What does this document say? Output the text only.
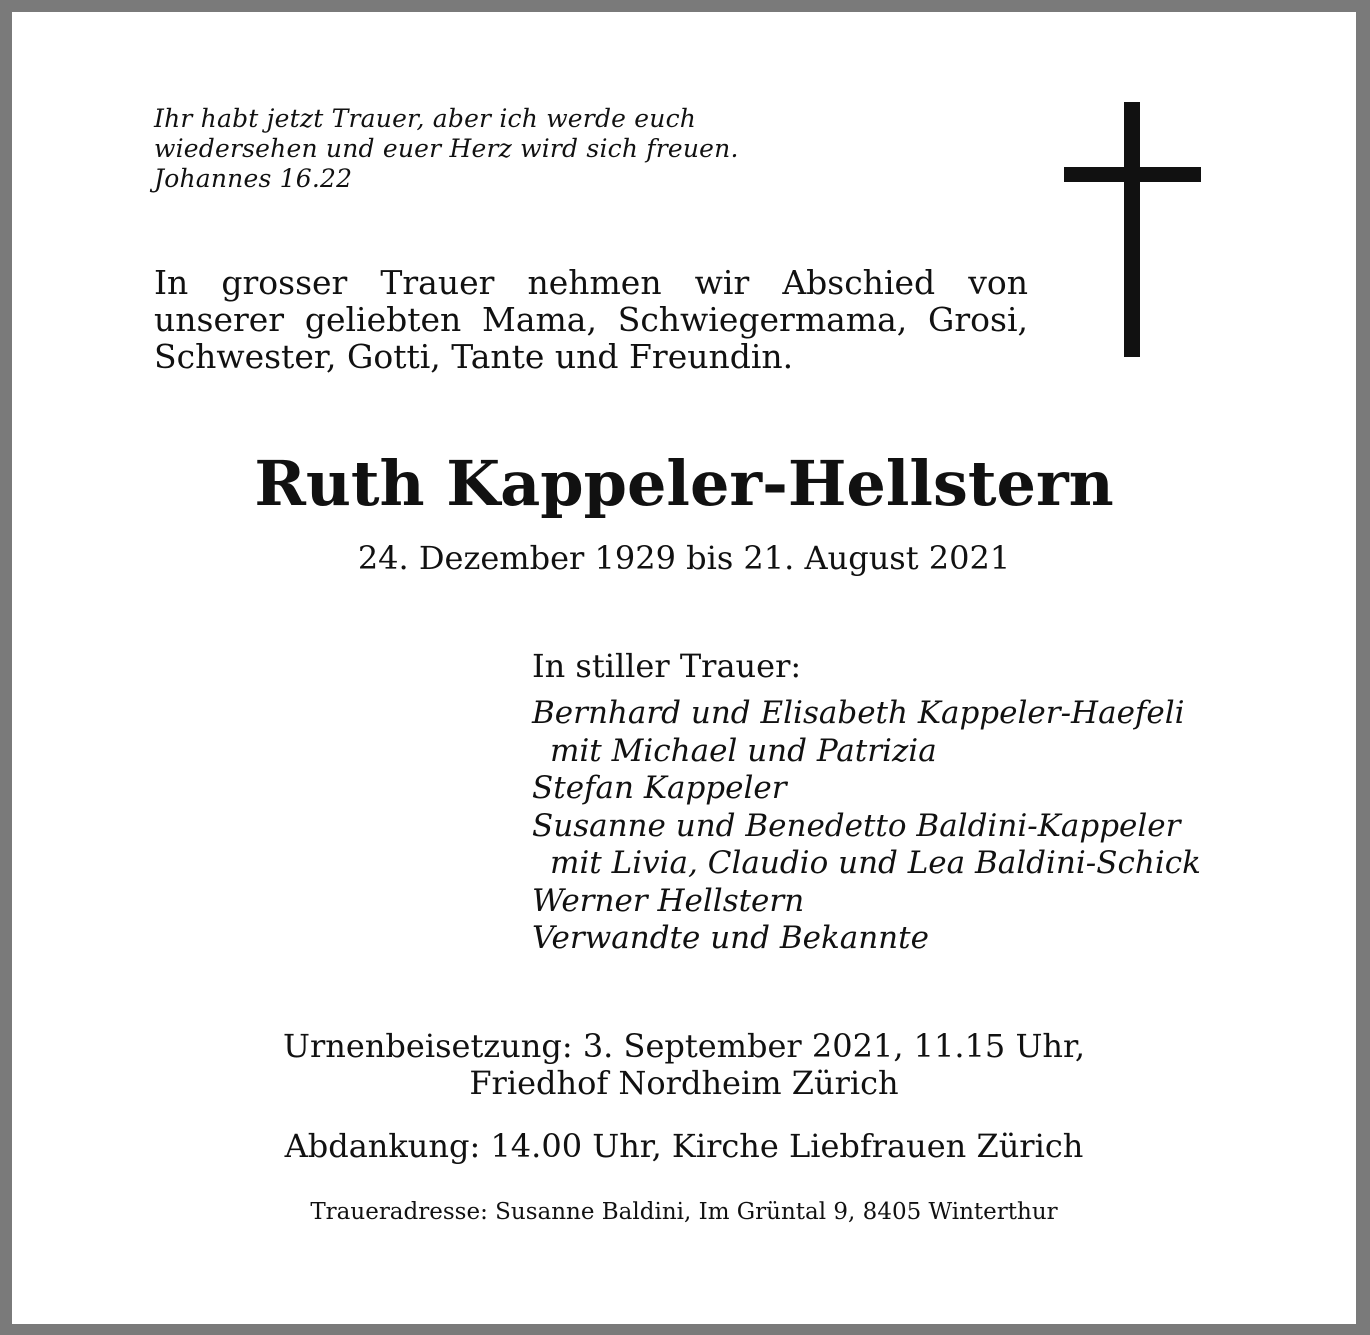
Ihr habt jetzt Trauer, aber ich werde euch
wiedersehen und euer Herz wird sich freuen.
Johannes 16.22
In grosser Trauer nehmen wir Abschied von unserer geliebten Mama, Schwiegermama, Grosi, Schwester, Gotti, Tante und Freundin.
Ruth Kappeler-Hellstern
24. Dezember 1929 bis 21. August 2021
In stiller Trauer:
Bernhard und Elisabeth Kappeler-Haefeli
mit Michael und Patrizia
Stefan Kappeler
Susanne und Benedetto Baldini-Kappeler
mit Livia, Claudio und Lea Baldini-Schick
Werner Hellstern
Verwandte und Bekannte
Urnenbeisetzung: 3. September 2021, 11.15 Uhr,
Friedhof Nordheim Zürich
Abdankung: 14.00 Uhr, Kirche Liebfrauen Zürich
Traueradresse: Susanne Baldini, Im Grüntal 9, 8405 Winterthur
